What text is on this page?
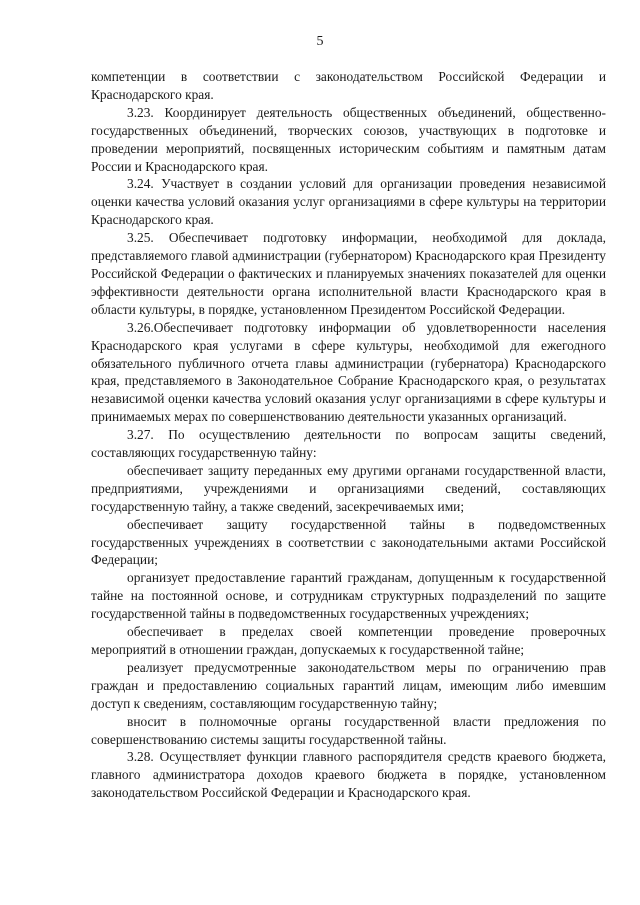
5

компетенции в соответствии с законодательством Российской Федерации и Краснодарского края.

3.23. Координирует деятельность общественных объединений, общественно-государственных объединений, творческих союзов, участвующих в подготовке и проведении мероприятий, посвященных историческим событиям и памятным датам России и Краснодарского края.

3.24. Участвует в создании условий для организации проведения независимой оценки качества условий оказания услуг организациями в сфере культуры на территории Краснодарского края.

3.25. Обеспечивает подготовку информации, необходимой для доклада, представляемого главой администрации (губернатором) Краснодарского края Президенту Российской Федерации о фактических и планируемых значениях показателей для оценки эффективности деятельности органа исполнительной власти Краснодарского края в области культуры, в порядке, установленном Президентом Российской Федерации.

3.26.Обеспечивает подготовку информации об удовлетворенности населения Краснодарского края услугами в сфере культуры, необходимой для ежегодного обязательного публичного отчета главы администрации (губернатора) Краснодарского края, представляемого в Законодательное Собрание Краснодарского края, о результатах независимой оценки качества условий оказания услуг организациями в сфере культуры и принимаемых мерах по совершенствованию деятельности указанных организаций.

3.27. По осуществлению деятельности по вопросам защиты сведений, составляющих государственную тайну:

обеспечивает защиту переданных ему другими органами государственной власти, предприятиями, учреждениями и организациями сведений, составляющих государственную тайну, а также сведений, засекречиваемых ими;

обеспечивает защиту государственной тайны в подведомственных государственных учреждениях в соответствии с законодательными актами Российской Федерации;

организует предоставление гарантий гражданам, допущенным к государственной тайне на постоянной основе, и сотрудникам структурных подразделений по защите государственной тайны в подведомственных государственных учреждениях;

обеспечивает в пределах своей компетенции проведение проверочных мероприятий в отношении граждан, допускаемых к государственной тайне;

реализует предусмотренные законодательством меры по ограничению прав граждан и предоставлению социальных гарантий лицам, имеющим либо имевшим доступ к сведениям, составляющим государственную тайну;

вносит в полномочные органы государственной власти предложения по совершенствованию системы защиты государственной тайны.

3.28. Осуществляет функции главного распорядителя средств краевого бюджета, главного администратора доходов краевого бюджета в порядке, установленном законодательством Российской Федерации и Краснодарского края.
